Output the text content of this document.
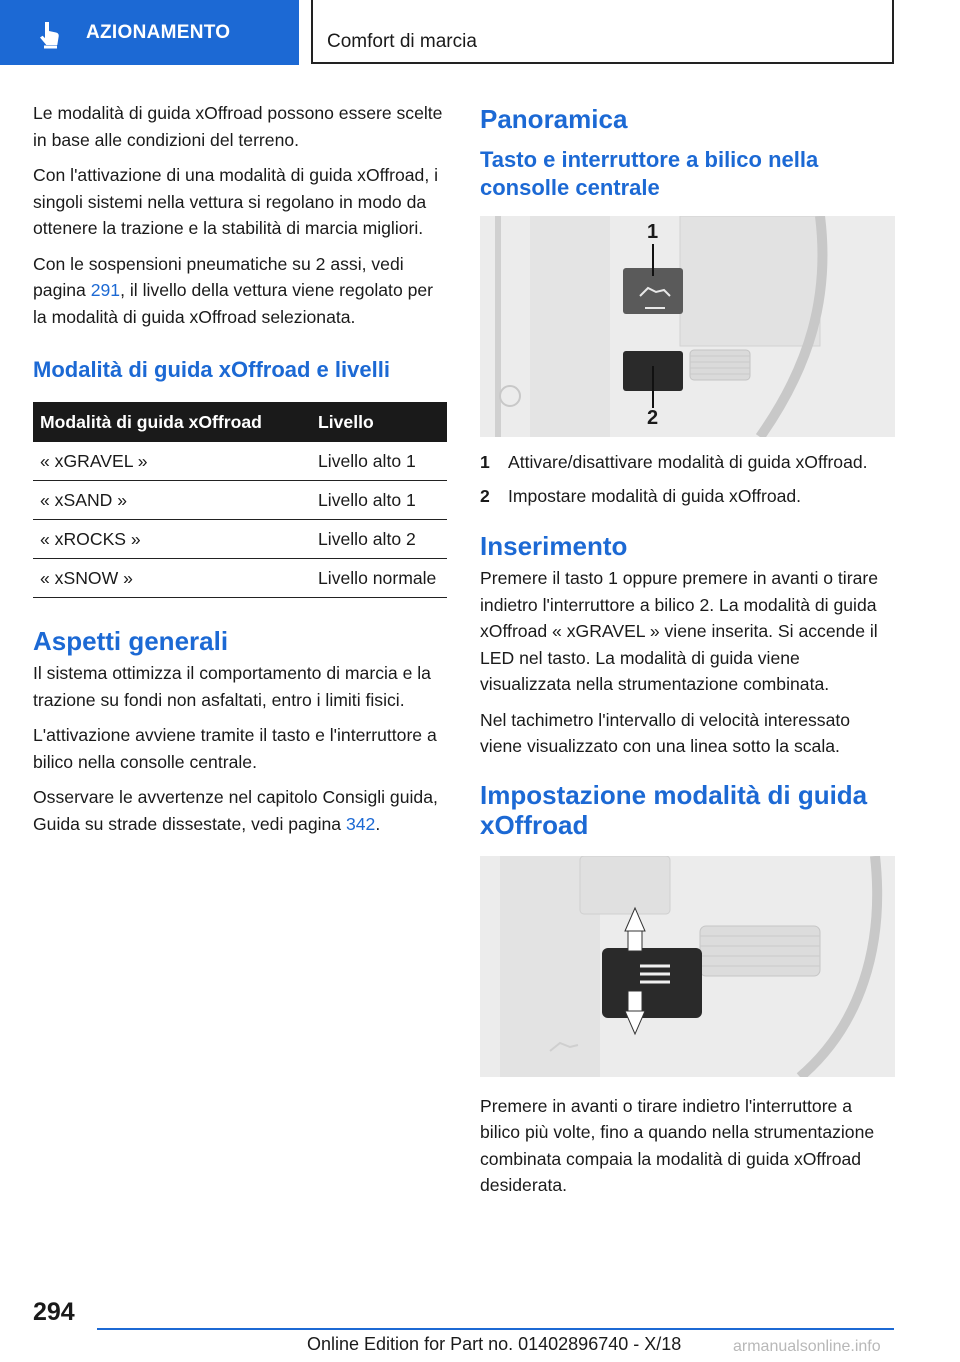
AZIONAMENTO	Comfort di marcia

Le modalità di guida xOffroad possono essere scelte in base alle condizioni del terreno.

Con l'attivazione di una modalità di guida xOffroad, i singoli sistemi nella vettura si regolano in modo da ottenere la trazione e la stabilità di marcia migliori.

Con le sospensioni pneumatiche su 2 assi, vedi pagina 291, il livello della vettura viene regolato per la modalità di guida xOffroad selezionata.

Modalità di guida xOffroad e livelli
Modalità di guida xOffroad	Livello
« xGRAVEL »	Livello alto 1
« xSAND »	Livello alto 1
« xROCKS »	Livello alto 2
« xSNOW »	Livello normale
Aspetti generali

Il sistema ottimizza il comportamento di marcia e la trazione su fondi non asfaltati, entro i limiti fisici.

L'attivazione avviene tramite il tasto e l'interruttore a bilico nella consolle centrale.

Osservare le avvertenze nel capitolo Consigli guida, Guida su strade dissestate, vedi pagina 342.

Panoramica
Tasto e interruttore a bilico nella consolle centrale
1
2
1	Attivare/disattivare modalità di guida xOffroad.
2	Impostare modalità di guida xOffroad.
Inserimento

Premere il tasto 1 oppure premere in avanti o tirare indietro l'interruttore a bilico 2. La modalità di guida xOffroad « xGRAVEL » viene inserita. Si accende il LED nel tasto. La modalità di guida viene visualizzata nella strumentazione combinata.

Nel tachimetro l'intervallo di velocità interessato viene visualizzato con una linea sotto la scala.

Impostazione modalità di guida xOffroad

Premere in avanti o tirare indietro l'interruttore a bilico più volte, fino a quando nella strumentazione combinata compaia la modalità di guida xOffroad desiderata.

294
Online Edition for Part no. 01402896740 - X/18	armanualsonline.info
